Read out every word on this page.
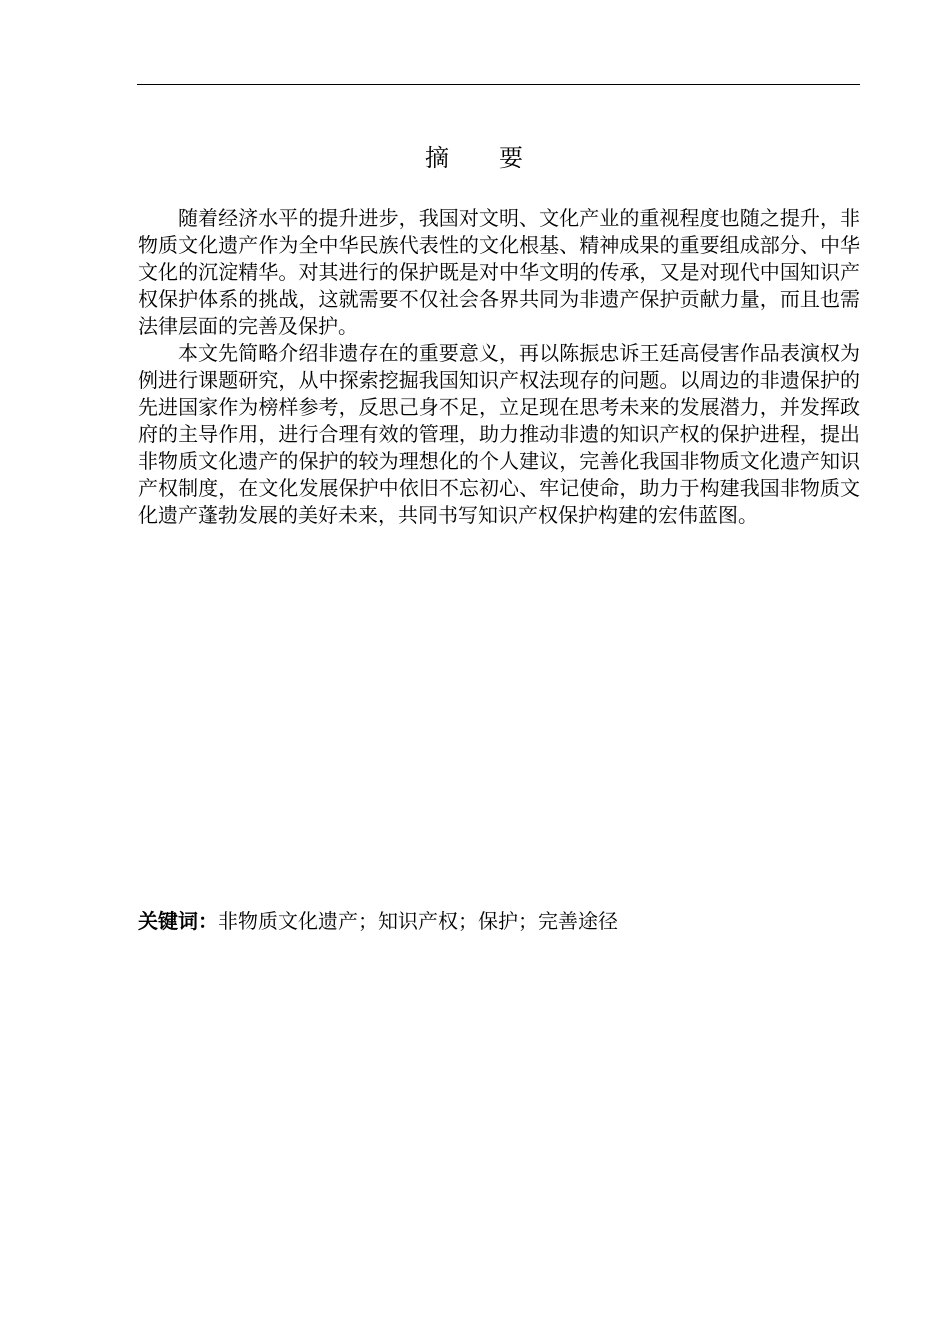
摘 要

随着经济水平的提升进步，我国对文明、文化产业的重视程度也随之提升，非物质文化遗产作为全中华民族代表性的文化根基、精神成果的重要组成部分、中华文化的沉淀精华。对其进行的保护既是对中华文明的传承，又是对现代中国知识产权保护体系的挑战，这就需要不仅社会各界共同为非遗产保护贡献力量，而且也需法律层面的完善及保护。

本文先简略介绍非遗存在的重要意义，再以陈振忠诉王廷高侵害作品表演权为例进行课题研究，从中探索挖掘我国知识产权法现存的问题。以周边的非遗保护的先进国家作为榜样参考，反思己身不足，立足现在思考未来的发展潜力，并发挥政府的主导作用，进行合理有效的管理，助力推动非遗的知识产权的保护进程，提出非物质文化遗产的保护的较为理想化的个人建议，完善化我国非物质文化遗产知识产权制度，在文化发展保护中依旧不忘初心、牢记使命，助力于构建我国非物质文化遗产蓬勃发展的美好未来，共同书写知识产权保护构建的宏伟蓝图。

关键词：非物质文化遗产；知识产权；保护；完善途径
